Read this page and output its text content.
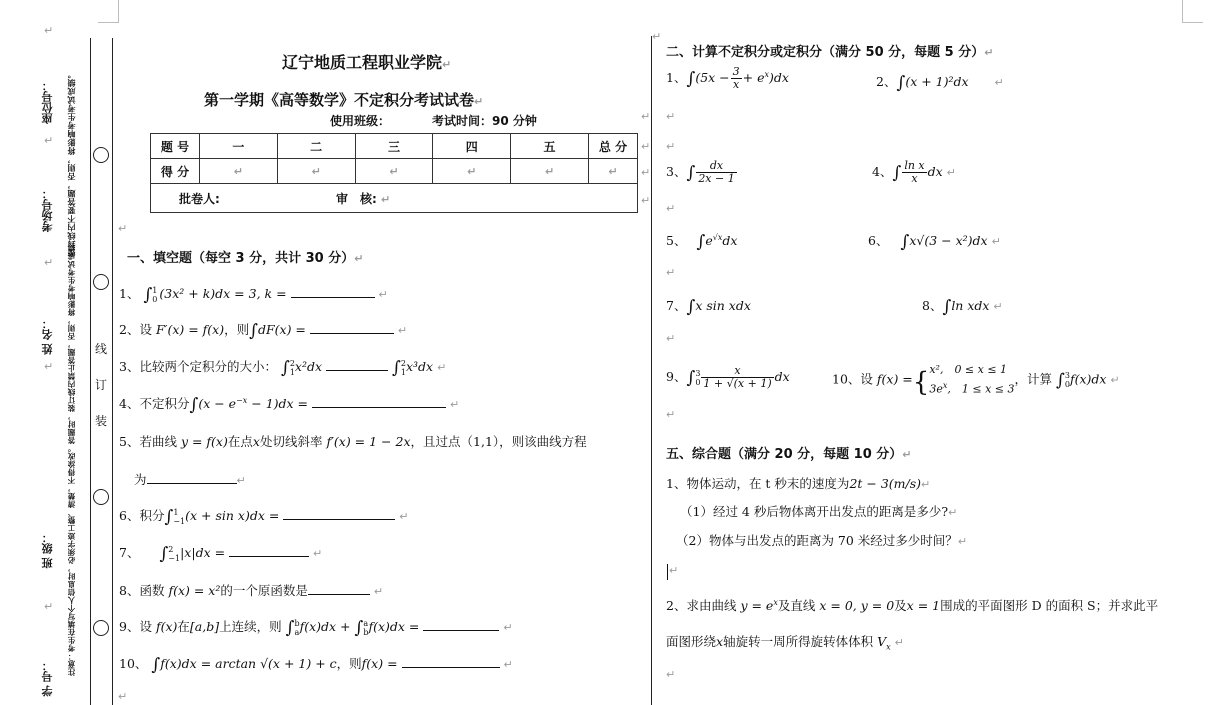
座位号：
考场号：
姓 名：
班 级：
学 号：
↵
↵
↵
↵
↵
密封线内不要答题，否则，将影响考生考试成绩。
注意：考生在填写个人信息时，必须字迹工整、清楚，不得涂改。答题时，装订线内禁止答题，否则，将影响考生考试成绩。 装
订
线
辽宁地质工程职业学院↵
第一学期《高等数学》不定积分考试试卷↵
使用班级：	考试时间：90 分钟	↵
题 号	一	二	三	四	五	总 分
得 分	↵	↵	↵	↵	↵	↵
批卷人: 审　核: ↵						
↵
↵
↵
↵
一、填空题（每空 3 分，共计 30 分）↵
1、 ∫1
0 (3x² + k)dx = 3, k =	↵
2、设 F′(x) = f(x)，则∫dF(x) =	↵
3、比较两个定积分的大小： ∫2
1x²dx	∫2
1x³dx ↵
4、不定积分$\int(x - e^{-x} - 1)dx$ =	↵
5、若曲线 y = f(x)在点x处切线斜率 f′(x) = 1 − 2x，且过点（1,1），则该曲线方程
为	↵
6、积分∫1
−1(x + sin x)dx =	↵
7、 ∫2
−1|x|dx =	↵
8、函数 f(x) = x²的一个原函数是	↵
9、设 f(x)在[a,b]上连续，则 ∫b
af(x)dx + ∫a
bf(x)dx =	↵
10、 ∫f(x)dx = arctan √(x + 1) + c，则f(x) =	↵
↵
二、计算不定积分或定积分（满分 50 分，每题 5 分）↵
↵
1、$\int(5x - \frac{3}{x} + e^x)dx$	2、∫(x + 1)²dx ↵
↵
↵
3、∫ $\frac{dx}{2x - 1}$	4、∫ $\frac{\text{ln x}}{x}$ dx ↵
↵
5、 $\int e^{√x}dx$	6、 ∫x√(3 − x²)dx ↵
↵
7、∫x sin xdx	8、∫ln xdx ↵
↵
9、∫3
$0 \frac{x}{1 + √(x + 1)}$ dx	10、设 f(x) ={x²,　0 ≤ x ≤ 1
$3e^x$,　1 ≤ x ≤ 3，计算 ∫3
0f(x)dx ↵
↵
五、综合题（满分 20 分，每题 10 分）↵
1、物体运动，在 t 秒末的速度为2t − 3(m/s)↵
（1）经过 4 秒后物体离开出发点的距离是多少?↵
（2）物体与出发点的距离为 70 米经过多少时间？↵
↵
2、求由曲线 $y = e^x$及直线 x = 0, y = 0及x = 1围成的平面图形 D 的面积 S；并求此平
面图形绕x轴旋转一周所得旋转体体积 $V_x$ ↵
↵
